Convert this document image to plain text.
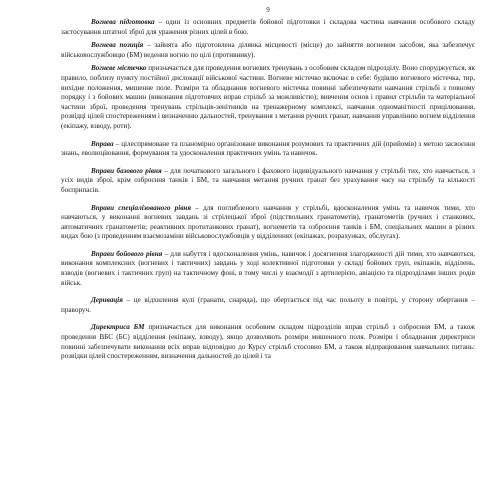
9

Вогнева підготовка – один із основних предметів бойової підготовки і складова частина навчання особового складу застосування штатної зброї для ураження різних цілей в бою.

Вогнева позиція – зайнята або підготовлена ділянка місцевості (місце) до зайняття вогневим засобом, яка забезпечує військовослужбовцю (БМ) ведення вогню по цілі (противнику).

Вогневе містечко призначається для проведення вогневих тренувань з особовим складом підрозділу. Воно споруджується, як правило, поблизу пункту постійної дислокації військової частини. Вогневе містечко включає в себе: будівлю вогневого містечка, тир, вихідне положення, мишенне поле. Розміри та обладнання вогневого містечка повинні забезпечувати навчання стрільбі з повному порядку і з бойових машин (виконання підготовчих вправ стрільб за можливістю); вивчення основ і правил стрільби та матеріальної частини зброї, проведення тренувань стрільців-зенітників на тренажерному комплексі, навчання одноманітності прицілювання, розвідці цілей спостереженням і визначенню дальностей, тренування з метання ручних гранат, навчання управлінню вогнем відділення (екіпажу, взводу, роти).

Вправа – цілеспрямоване та планомірно організоване виконання розумових та практичних дій (прийомів) з метою засвоєння знань, еволюціювання, формування та удосконалення практичних умінь та навичок.

Вправи базового рівня – для початкового загального і фахового індивідуального навчання у стрільбі тих, хто навчається, з усіх видів зброї, крім озброєння танків і БМ, та навчання метання ручних гранат без урахування часу на стрільбу та кількості боєприпасів.

Вправи спеціалізованого рівня – для поглибленого навчання у стрільбі, вдосконалення умінь та навичок тими, хто навчаються, у виконанні вогневих завдань зі стрілецької зброї (підствольних гранатометів), гранатометів (ручних і станкових, автоматичних гранатометів; реактивних протитанкових гранат), вогнеметів та озброєння танків і БМ, спеціальних машин в різних видах бою (з проведенням взаємозаміни військовослужбовців у відділеннях (екіпажах, розрахунках, обслугах).

Вправи бойового рівня – для набуття і вдосконалення умінь, навичок і досягнення злагодженості дій тими, хто навчаються, виконання комплексних (вогневих і тактичних) завдань у ході колективної підготовки у складі бойових груп, екіпажів, відділень, взводів (вогневих і тактичних груп) на тактичному фоні, в тому числі у взаємодії з артилерією, авіацією та підрозділами інших родів військ.

Деривація – це відхилення кулі (гранати, снаряда), що обертається під час польоту в повітрі, у сторону обертання – праворуч.

Директриса БМ призначається для виконання особовим складом підрозділів вправ стрільб з озброєння БМ, а також проведення ВБС (БС) відділення (екіпажу, взводу), якщо дозволяють розміри мишенного поля. Розміри і обладнання директриси повинні забезпечувати виконання всіх вправ відповідно до Курсу стрільб стосовно БМ, а також відпрацювання навчальних питань: розвідки цілей спостереженням, визначення дальностей до цілей і та
